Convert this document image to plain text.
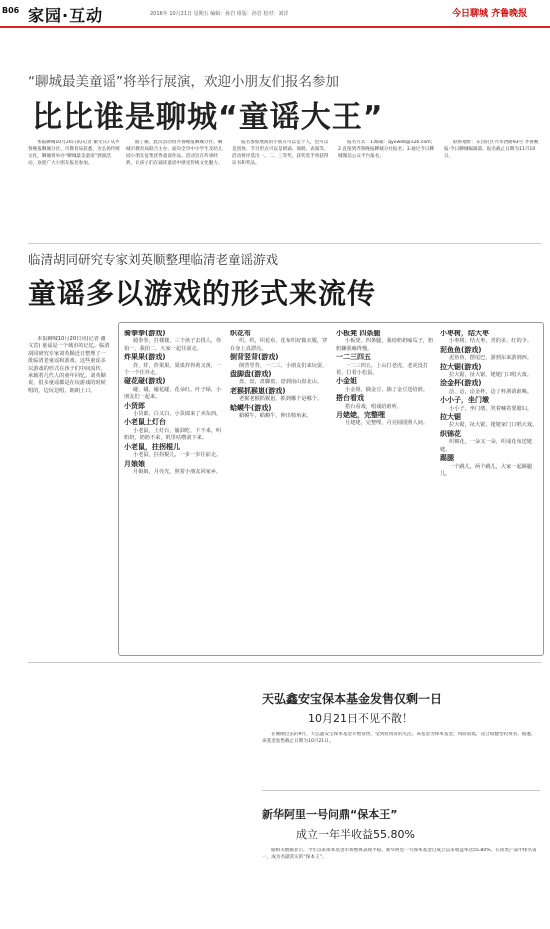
B06 家园·互动	2016年 10月21日 星期五 编辑：孙岩 组版：孙岩 校对：刘洋	今日聊城 齐鲁晚报
“聊城最美童谣”将举行展演，欢迎小朋友们报名参加
比比谁是聊城“童谣大王”

本报聊城10月20日讯(记者 谢文宾) 从齐鲁晚报聊城分社、市教育局获悉，为弘扬传统文化，聊城将举办“聊城最美童谣”展演活动，欢迎广大小朋友报名参加。

据了解，此次活动由齐鲁晚报聊城分社、聊城市教育局联合主办，面向全市中小学生及幼儿园小朋友征集优秀童谣作品。活动旨在传承经典，让孩子们在诵读童谣中感受传统文化魅力。

报名参加展演的小朋友可以是个人，也可以是团体，节目形式可以是朗诵、演唱、表演等。活动将评选出一、二、三等奖，获奖选手将获得证书和奖品。

报名方式：1.邮箱：qyxweb@126.com；2.直接到齐鲁晚报聊城分社报名；3.通过今日聊城微信公众平台报名。

联系地址：东昌府区兴华西路93号 齐鲁晚报·今日聊城编辑部。报名截止日期为11月10日。

临清胡同研究专家刘英顺整理临清老童谣游戏
童谣多以游戏的形式来流传

本报聊城10月20日讯(记者 谢文宾) 童谣是一个城市的记忆。临清胡同研究专家刘英顺近日整理了一批临清老童谣和游戏，这些童谣多以游戏的形式在孩子们中间流传，承载着几代人的童年回忆。刘英顺说，很多童谣都是在玩游戏的时候唱的，边玩边唱，朗朗上口。

骑拳拳(游戏)

骑拳拳，打楼楼，三个孩子去找人，你拍一，我拍二，大家一起往前走。

炸果果(游戏)

炸，炸，炸果果，果果炸得黄又黄，一个一个往外走。

碰花碰(游戏)

碰，碰，碰花碰，花朵红，叶子绿，小朋友们一起来。

小货郎

小货郎，白又白，小货郎来了卖东西。

小老鼠上灯台

小老鼠，上灯台，偷油吃，下不来，叫奶奶，奶奶不来，叽里咕噜滚下来。

小老鼠，拄拐棍儿

小老鼠，拄拐棍儿，一步一步往前走。

月娘娘

月娘娘，月亮光，照着小朋友回家乡。

织花布

织，织，织花布，花布织好做衣服，穿在身上真漂亮。

倒背竖背(游戏)

倒背竖背，一二三，小朋友们来玩耍。

盘脚盘(游戏)

盘，盘，盘脚盘，盘到南山盘北山。

老猴抓猴崽(游戏)

老猴老猴抓猴崽，抓到哪个是哪个。

蛤蟆牛(游戏)

蛤蟆牛，蛤蟆牛，伸出犄角来。

小板凳 四条腿

小板凳，四条腿，我给奶奶嗑瓜子，奶奶嫌我嗑得慢。

一二三四五

一二三四五，上山打老虎，老虎没打着，打着小松鼠。

小金姐

小金姐，摘金豆，摘了金豆送给谁。

搭台看戏

搭台看戏，唱戏给谁听。

月姥姥，完整哩

月姥姥，完整哩，月亮圆圆照人间。

小枣树，结大枣

小枣树，结大枣，青的多，红的少。

泥鱼鱼(游戏)

泥鱼鱼，摆尾巴，游到东来游到西。

拉大锯(游戏)

拉大锯，扯大锯，姥姥门口唱大戏。

浍金杯(游戏)

浍，浍，浍金杯，浍了杯酒请谁喝。

小小子，坐门墩

小小子，坐门墩，哭着喊着要媳妇。

拉大锯

拉大锯，扯大锯，姥姥家门口唱大戏。

织锦花

织锦花，一朵又一朵，织成花布送姥姥。

踢腿

一个跳儿，两个跳儿，大家一起踢腿儿。

天弘鑫安宝保本基金发售仅剩一日
10月21日不见不散！

在刚刚过去的9月，天弘鑫安宝保本基金开始发售，受到投资者的关注。该基金为保本基金，风险较低，适合稳健型投资者。据悉，该基金发售截止日期为10月21日。

新华阿里一号问鼎“保本王”
成立一年半收益55.80%

据相关数据显示，今年以来保本基金市场整体表现平稳。新华阿里一号保本基金自成立以来收益率达55.80%，在同类产品中排名第一，成为名副其实的“保本王”。
